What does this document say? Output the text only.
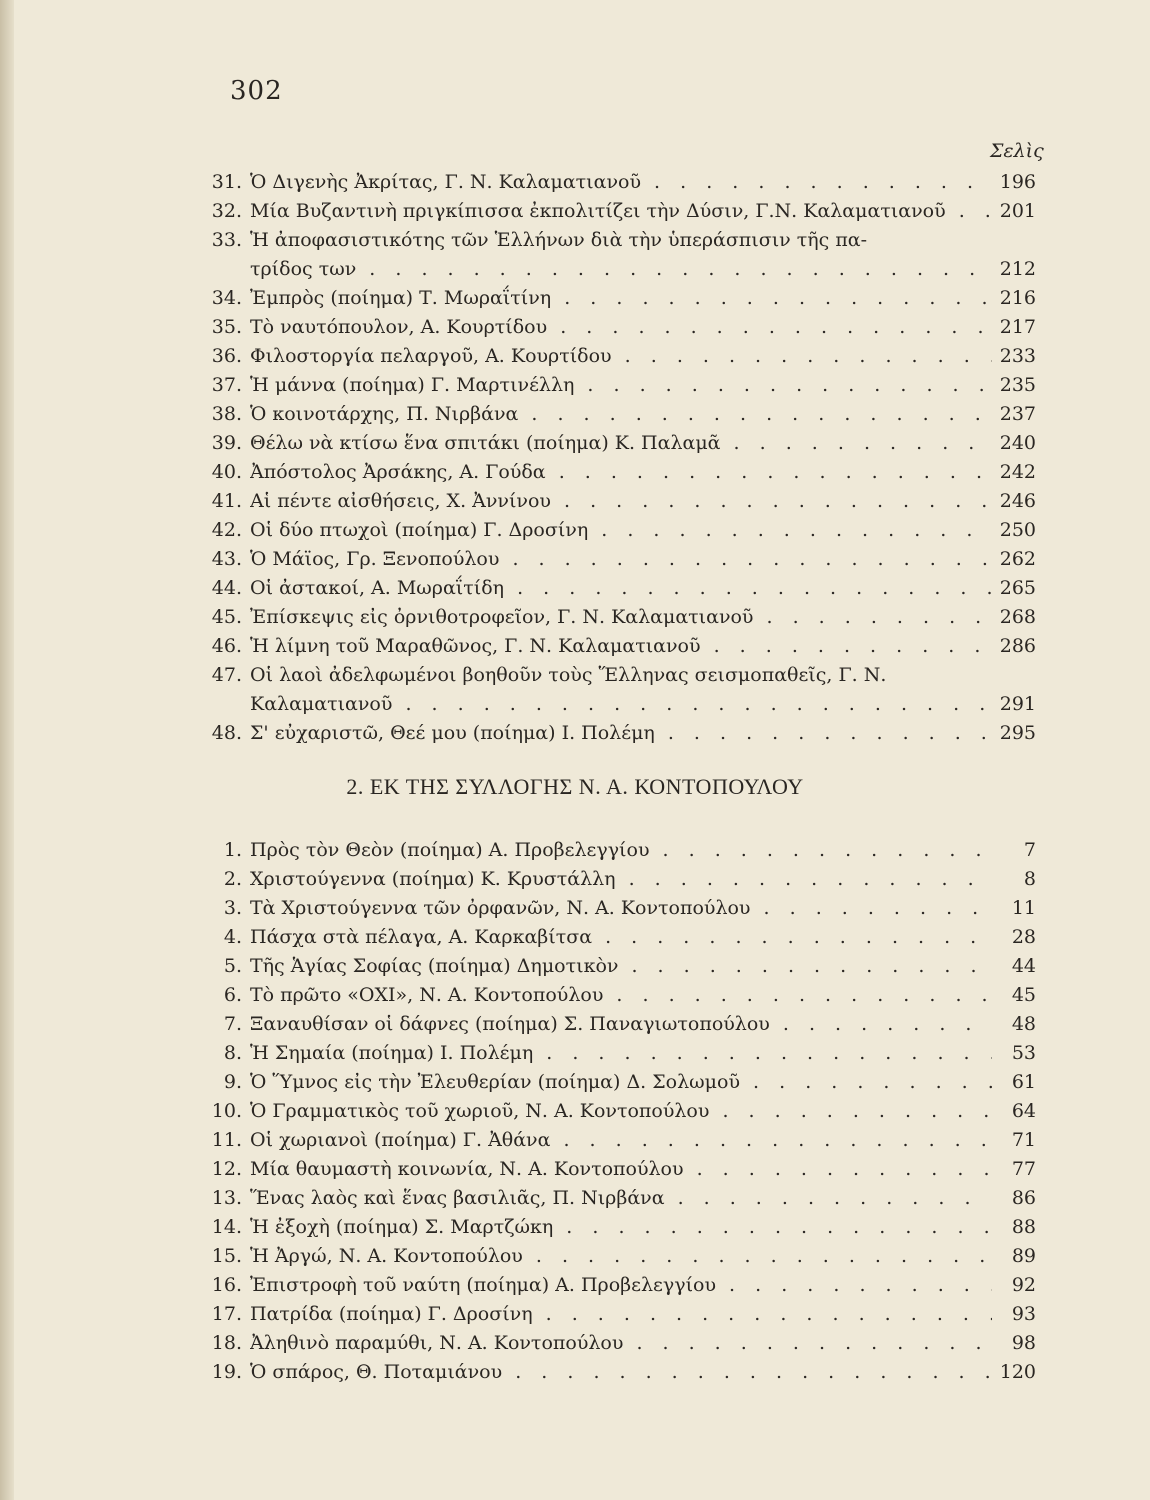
302
Σελὶς
31. Ὁ Διγενὴς Ἀκρίτας, Γ. Ν. Καλαματιανοῦ . . .	196
32. Μία Βυζαντινὴ πριγκίπισσα ἐκπολιτίζει τὴν Δύσιν, Γ.Ν. Καλαματιανοῦ . . .	201
33. Ἡ ἀποφασιστικότης τῶν Ἑλλήνων διὰ τὴν ὑπεράσπισιν τῆς πα-
τρίδος των . . .	212
34. Ἐμπρὸς (ποίημα) Τ. Μωραΐτίνη . . .	216
35. Τὸ ναυτόπουλον, Α. Κουρτίδου . . .	217
36. Φιλοστοργία πελαργοῦ, Α. Κουρτίδου . . .	233
37. Ἡ μάννα (ποίημα) Γ. Μαρτινέλλη . . .	235
38. Ὁ κοινοτάρχης, Π. Νιρβάνα . . .	237
39. Θέλω νὰ κτίσω ἕνα σπιτάκι (ποίημα) Κ. Παλαμᾶ . . .	240
40. Ἀπόστολος Ἀρσάκης, Α. Γούδα . . .	242
41. Αἱ πέντε αἰσθήσεις, Χ. Ἀννίνου . . .	246
42. Οἱ δύο πτωχοὶ (ποίημα) Γ. Δροσίνη . . .	250
43. Ὁ Μάϊος, Γρ. Ξενοπούλου . . .	262
44. Οἱ ἀστακοί, Α. Μωραΐτίδη . . .	265
45. Ἐπίσκεψις εἰς ὀρνιθοτροφεῖον, Γ. Ν. Καλαματιανοῦ . . .	268
46. Ἡ λίμνη τοῦ Μαραθῶνος, Γ. Ν. Καλαματιανοῦ . . .	286
47. Οἱ λαοὶ ἀδελφωμένοι βοηθοῦν τοὺς Ἕλληνας σεισμοπαθεῖς, Γ. Ν.
Καλαματιανοῦ . . .	291
48. Σ' εὐχαριστῶ, Θεέ μου (ποίημα) Ι. Πολέμη . . .	295
2. ΕΚ ΤΗΣ ΣΥΛΛΟΓΗΣ Ν. Α. ΚΟΝΤΟΠΟΥΛΟΥ
1. Πρὸς τὸν Θεὸν (ποίημα) Α. Προβελεγγίου . . .	7
2. Χριστούγεννα (ποίημα) Κ. Κρυστάλλη . . .	8
3. Τὰ Χριστούγεννα τῶν ὀρφανῶν, Ν. Α. Κοντοπούλου . . .	11
4. Πάσχα στὰ πέλαγα, Α. Καρκαβίτσα . . .	28
5. Τῆς Ἁγίας Σοφίας (ποίημα) Δημοτικὸν . . .	44
6. Τὸ πρῶτο «ΟΧΙ», Ν. Α. Κοντοπούλου . . .	45
7. Ξαναυθίσαν οἱ δάφνες (ποίημα) Σ. Παναγιωτοπούλου . . .	48
8. Ἡ Σημαία (ποίημα) Ι. Πολέμη . . .	53
9. Ὁ Ὕμνος εἰς τὴν Ἐλευθερίαν (ποίημα) Δ. Σολωμοῦ . . .	61
10. Ὁ Γραμματικὸς τοῦ χωριοῦ, Ν. Α. Κοντοπούλου . . .	64
11. Οἱ χωριανοὶ (ποίημα) Γ. Ἀθάνα . . .	71
12. Μία θαυμαστὴ κοινωνία, Ν. Α. Κοντοπούλου . . .	77
13. Ἕνας λαὸς καὶ ἕνας βασιλιᾶς, Π. Νιρβάνα . . .	86
14. Ἡ ἐξοχὴ (ποίημα) Σ. Μαρτζώκη . . .	88
15. Ἡ Ἀργώ, Ν. Α. Κοντοπούλου . . .	89
16. Ἐπιστροφὴ τοῦ ναύτη (ποίημα) Α. Προβελεγγίου . . .	92
17. Πατρίδα (ποίημα) Γ. Δροσίνη . . .	93
18. Ἀληθινὸ παραμύθι, Ν. Α. Κοντοπούλου . . .	98
19. Ὁ σπάρος, Θ. Ποταμιάνου . . .	120
